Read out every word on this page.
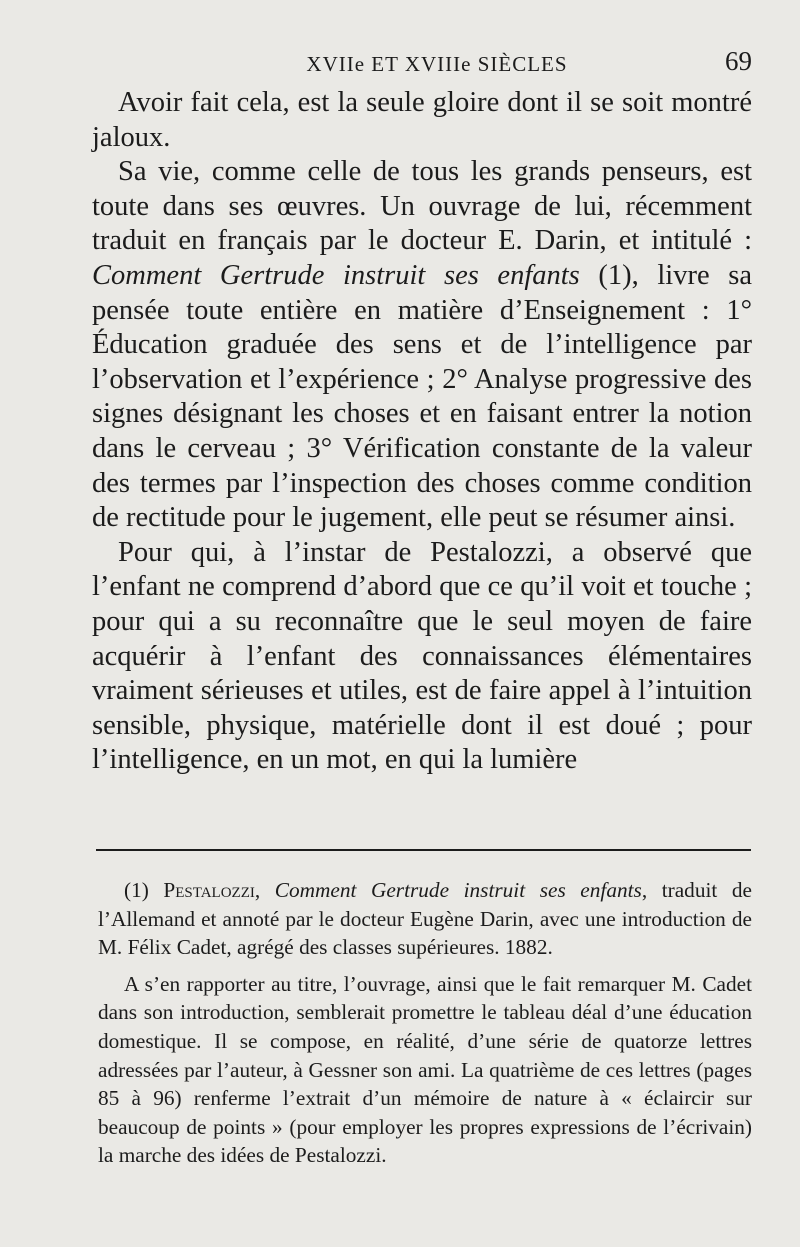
XVIIe ET XVIIIe SIÈCLES	69

Avoir fait cela, est la seule gloire dont il se soit montré jaloux.

Sa vie, comme celle de tous les grands penseurs, est toute dans ses œuvres. Un ouvrage de lui, récemment traduit en français par le docteur E. Darin, et intitulé : Comment Gertrude instruit ses enfants (1), livre sa pensée toute entière en matière d’Enseignement : 1° Éducation graduée des sens et de l’intelligence par l’observation et l’expérience ; 2° Analyse progressive des signes désignant les choses et en faisant entrer la notion dans le cerveau ; 3° Vérification constante de la valeur des termes par l’inspection des choses comme condition de rectitude pour le jugement, elle peut se résumer ainsi.

Pour qui, à l’instar de Pestalozzi, a observé que l’enfant ne comprend d’abord que ce qu’il voit et touche ; pour qui a su reconnaître que le seul moyen de faire acquérir à l’enfant des connaissances élémentaires vraiment sérieuses et utiles, est de faire appel à l’intuition sensible, physique, matérielle dont il est doué ; pour l’intelligence, en un mot, en qui la lumière

(1) Pestalozzi, Comment Gertrude instruit ses enfants, traduit de l’Allemand et annoté par le docteur Eugène Darin, avec une introduction de M. Félix Cadet, agrégé des classes supérieures. 1882.

A s’en rapporter au titre, l’ouvrage, ainsi que le fait remarquer M. Cadet dans son introduction, semblerait promettre le tableau déal d’une éducation domestique. Il se compose, en réalité, d’une série de quatorze lettres adressées par l’auteur, à Gessner son ami. La quatrième de ces lettres (pages 85 à 96) renferme l’extrait d’un mémoire de nature à « éclaircir sur beaucoup de points » (pour employer les propres expressions de l’écrivain) la marche des idées de Pestalozzi.
